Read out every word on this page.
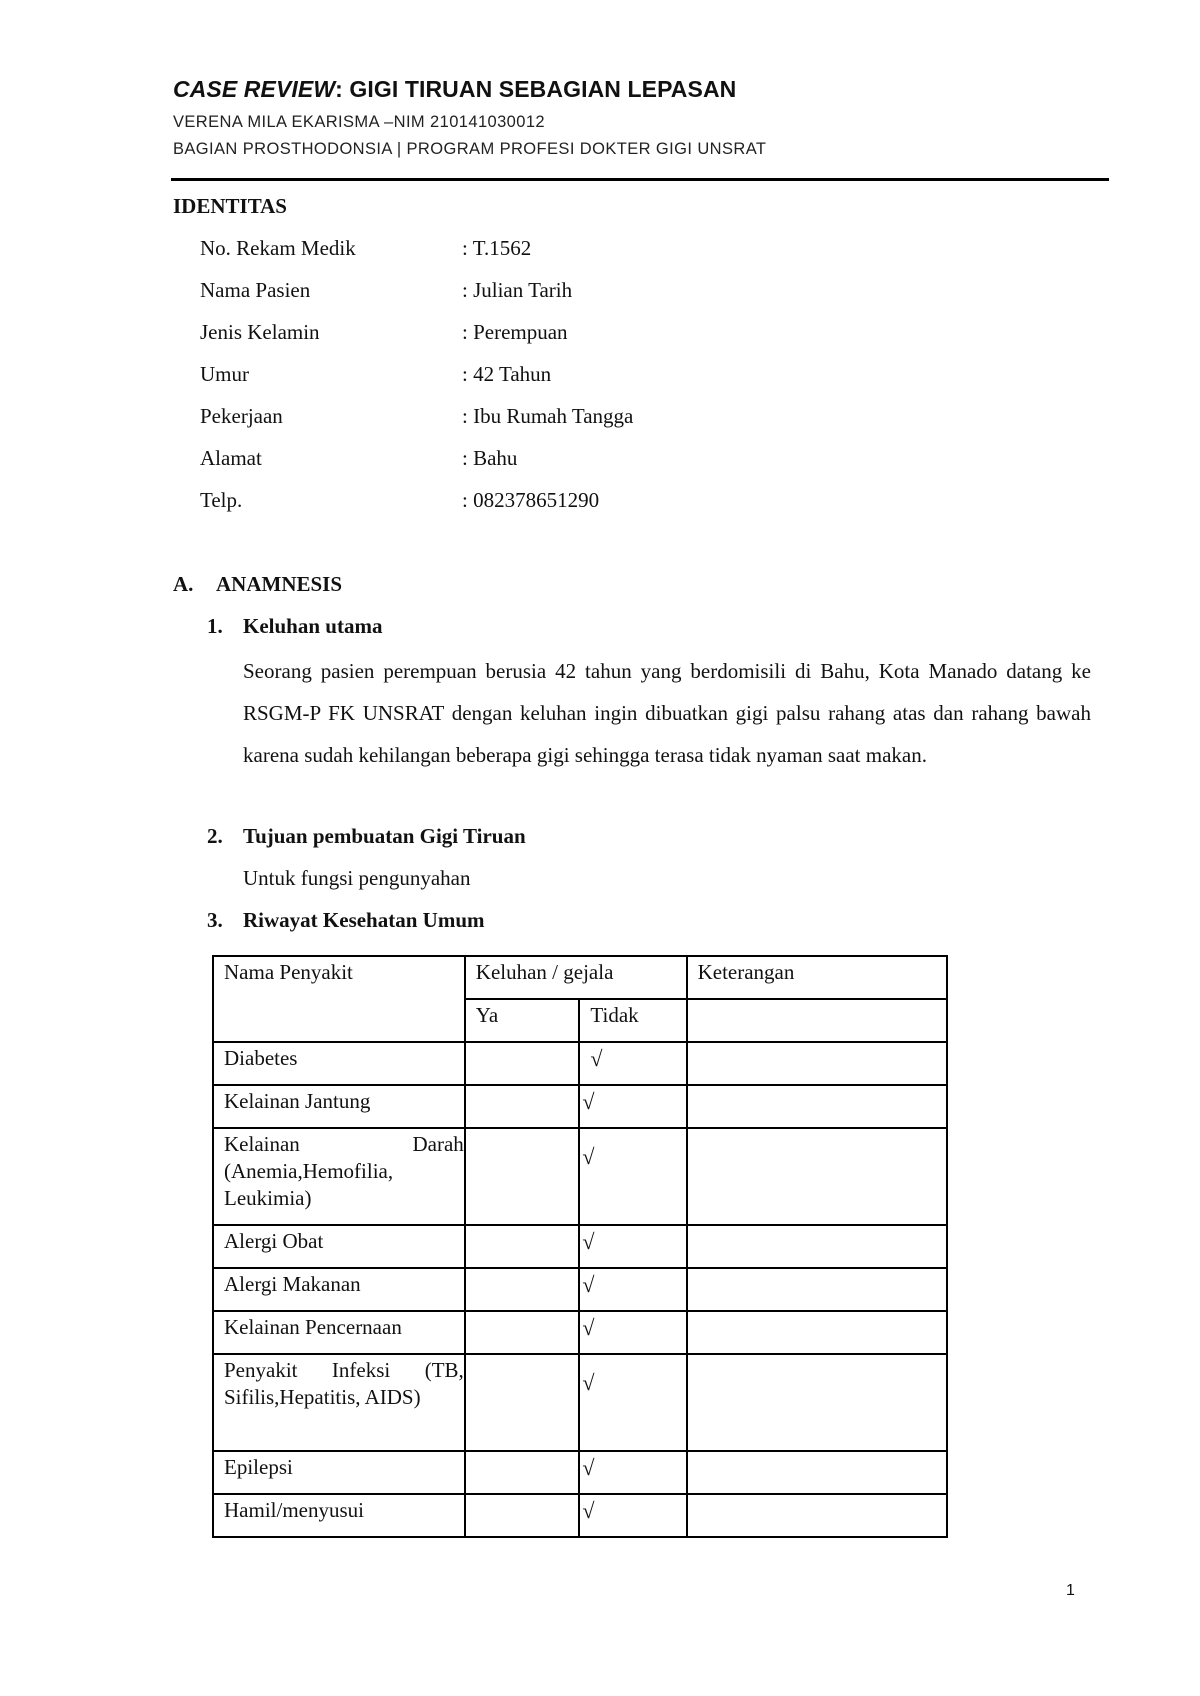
CASE REVIEW: GIGI TIRUAN SEBAGIAN LEPASAN
VERENA MILA EKARISMA –NIM 210141030012
BAGIAN PROSTHODONSIA | PROGRAM PROFESI DOKTER GIGI UNSRAT
IDENTITAS
No. Rekam Medik	: T.1562
Nama Pasien	: Julian Tarih
Jenis Kelamin	: Perempuan
Umur	: 42 Tahun
Pekerjaan	: Ibu Rumah Tangga
Alamat	: Bahu
Telp.	: 082378651290
A. ANAMNESIS
1. Keluhan utama
Seorang pasien perempuan berusia 42 tahun yang berdomisili di Bahu, Kota Manado datang ke RSGM-P FK UNSRAT dengan keluhan ingin dibuatkan gigi palsu rahang atas dan rahang bawah karena sudah kehilangan beberapa gigi sehingga terasa tidak nyaman saat makan.
2. Tujuan pembuatan Gigi Tiruan
Untuk fungsi pengunyahan
3. Riwayat Kesehatan Umum
Nama Penyakit	Keluhan / gejala		Keterangan
	Ya	Tidak	
Diabetes		√	
Kelainan Jantung		√	
Kelainan Darah (Anemia,Hemofilia, Leukimia)		√	
Alergi Obat		√	
Alergi Makanan		√	
Kelainan Pencernaan		√	
Penyakit Infeksi (TB, Sifilis,Hepatitis, AIDS)		√	
Epilepsi		√	
Hamil/menyusui		√	
1
